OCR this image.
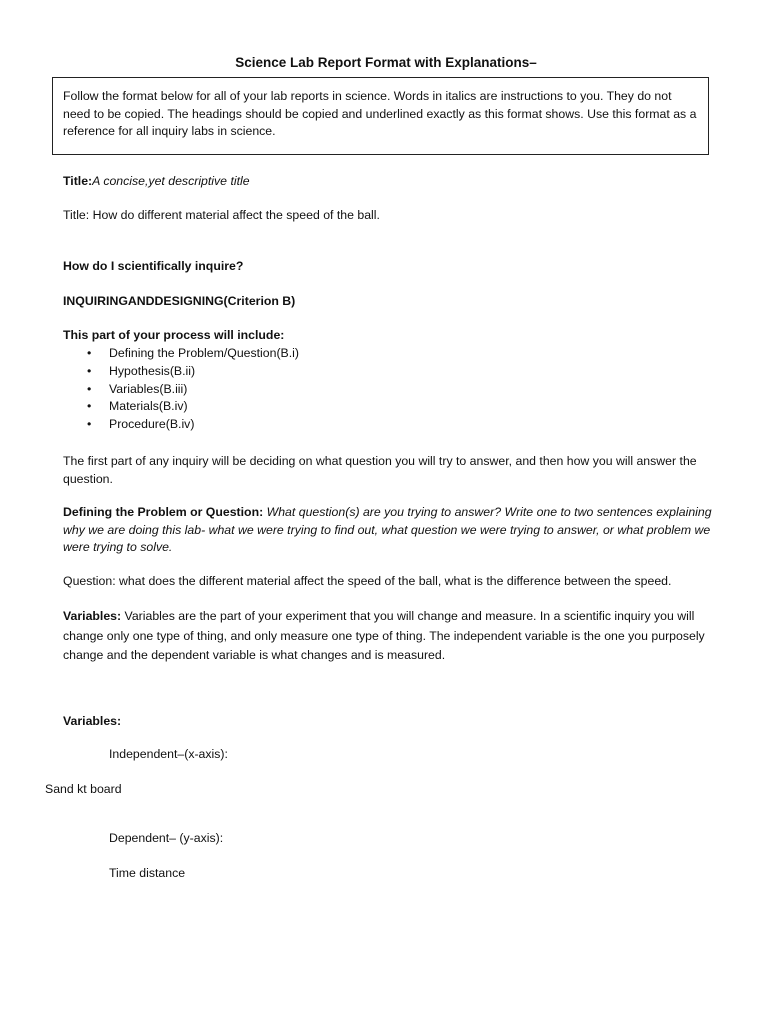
Science Lab Report Format with Explanations–
Follow the format below for all of your lab reports in science. Words in italics are instructions to you. They do not need to be copied. The headings should be copied and underlined exactly as this format shows. Use this format as a reference for all inquiry labs in science.
Title:A concise,yet descriptive title
Title: How do different material affect the speed of the ball.
How do I scientifically inquire?
INQUIRINGANDDESIGNING(Criterion B)
This part of your process will include:
• Defining the Problem/Question(B.i)
• Hypothesis(B.ii)
• Variables(B.iii)
• Materials(B.iv)
• Procedure(B.iv)
The first part of any inquiry will be deciding on what question you will try to answer, and then how you will answer the question.
Defining the Problem or Question: What question(s) are you trying to answer? Write one to two sentences explaining why we are doing this lab- what we were trying to find out, what question we were trying to answer, or what problem we were trying to solve.
Question: what does the different material affect the speed of the ball, what is the difference between the speed.
Variables: Variables are the part of your experiment that you will change and measure. In a scientific inquiry you will change only one type of thing, and only measure one type of thing. The independent variable is the one you purposely change and the dependent variable is what changes and is measured.
Variables:
Independent–(x-axis):
Sand kt board
Dependent– (y-axis):
Time distance
